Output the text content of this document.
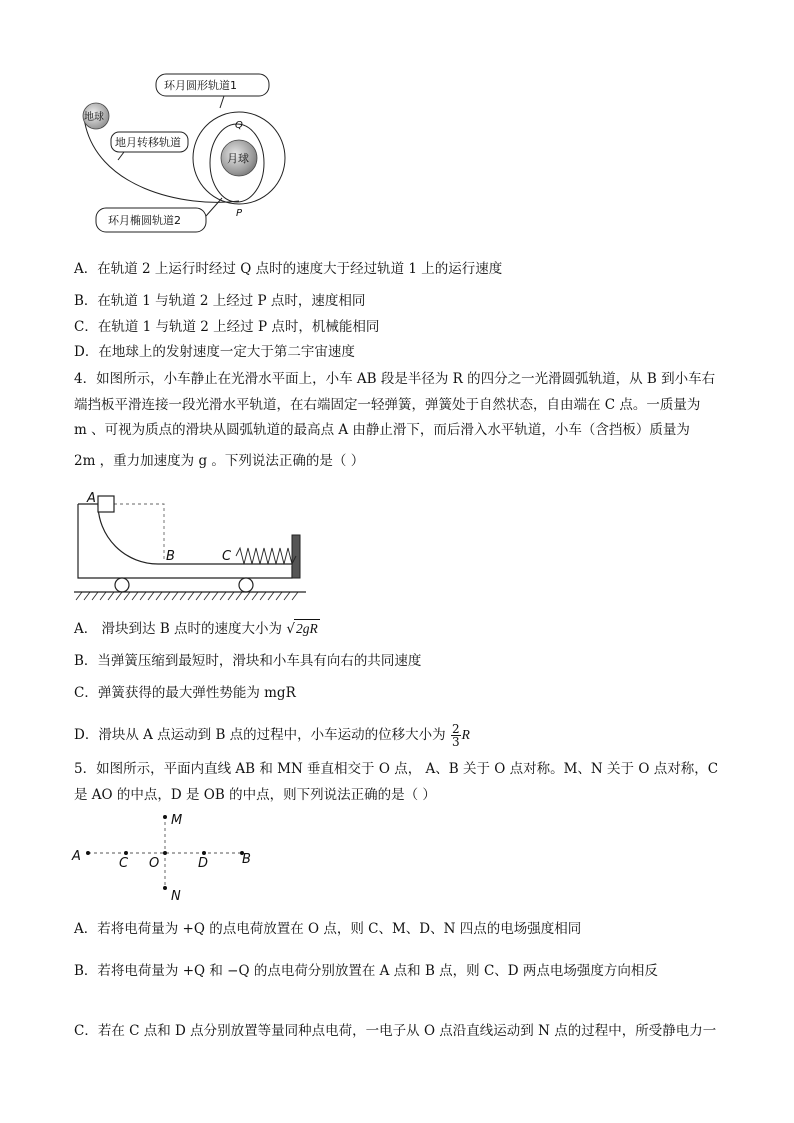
月球
地球
环月圆形轨道1
地月转移轨道
环月椭圆轨道2
Q
P
A．在轨道 2 上运行时经过 Q 点时的速度大于经过轨道 1 上的运行速度
B．在轨道 1 与轨道 2 上经过 P 点时，速度相同
C．在轨道 1 与轨道 2 上经过 P 点时，机械能相同
D．在地球上的发射速度一定大于第二宇宙速度
4．如图所示，小车静止在光滑水平面上，小车 AB 段是半径为 R 的四分之一光滑圆弧轨道，从 B 到小车右
端挡板平滑连接一段光滑水平轨道，在右端固定一轻弹簧，弹簧处于自然状态，自由端在 C 点。一质量为
m 、可视为质点的滑块从圆弧轨道的最高点 A 由静止滑下，而后滑入水平轨道，小车（含挡板）质量为
2m ，重力加速度为 g 。下列说法正确的是（ ）
A
B	C
A． 滑块到达 B 点时的速度大小为 √2gR
B．当弹簧压缩到最短时，滑块和小车具有向右的共同速度
C．弹簧获得的最大弹性势能为 mgR
D．滑块从 A 点运动到 B 点的过程中，小车运动的位移大小为 $\frac{2}{3}$ R
5．如图所示，平面内直线 AB 和 MN 垂直相交于 O 点， A、B 关于 O 点对称。M、N 关于 O 点对称，C
是 AO 的中点，D 是 OB 的中点，则下列说法正确的是（ ）
A	C O	D	B
M
N
A．若将电荷量为 +Q 的点电荷放置在 O 点，则 C、M、D、N 四点的电场强度相同
B．若将电荷量为 +Q 和 −Q 的点电荷分别放置在 A 点和 B 点，则 C、D 两点电场强度方向相反
C．若在 C 点和 D 点分别放置等量同种点电荷，一电子从 O 点沿直线运动到 N 点的过程中，所受静电力一
